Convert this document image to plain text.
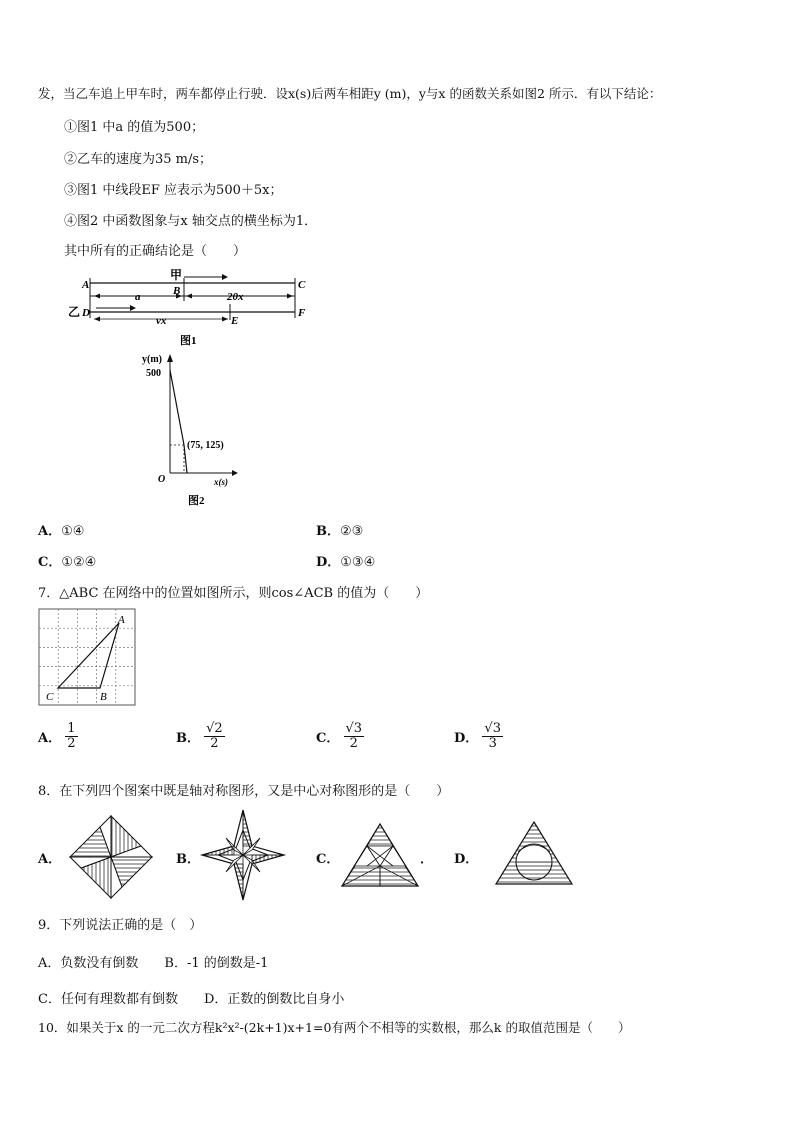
发，当乙车追上甲车时，两车都停止行驶．设x(s)后两车相距y (m)，y与x 的函数关系如图2 所示．有以下结论：
①图1 中a 的值为500；
②乙车的速度为35 m/s；
③图1 中线段EF 应表示为500＋5x；
④图2 中函数图象与x 轴交点的横坐标为1．
其中所有的正确结论是（　　）
A	B	C
D
E
F
甲
乙
a	20x
vx
图1
y(m)
500
(75, 125)
O	x(s)
图2
A．①④	B．②③
C．①②④	D．①③④
7．△ABC 在网络中的位置如图所示，则cos∠ACB 的值为（　　）
A
B
C
A． $\frac{1}{2}$	B． $\frac{√2}{2}$	C． $\frac{√3}{2}$	D． $\frac{√3}{3}$
8．在下列四个图案中既是轴对称图形，又是中心对称图形的是（　　）
A．	B．	C．	． D．
9．下列说法正确的是（　）
A．负数没有倒数　　B．-1 的倒数是-1
C．任何有理数都有倒数　　D．正数的倒数比自身小
10．如果关于x 的一元二次方程k²x²-(2k+1)x+1=0有两个不相等的实数根，那么k 的取值范围是（　　）
